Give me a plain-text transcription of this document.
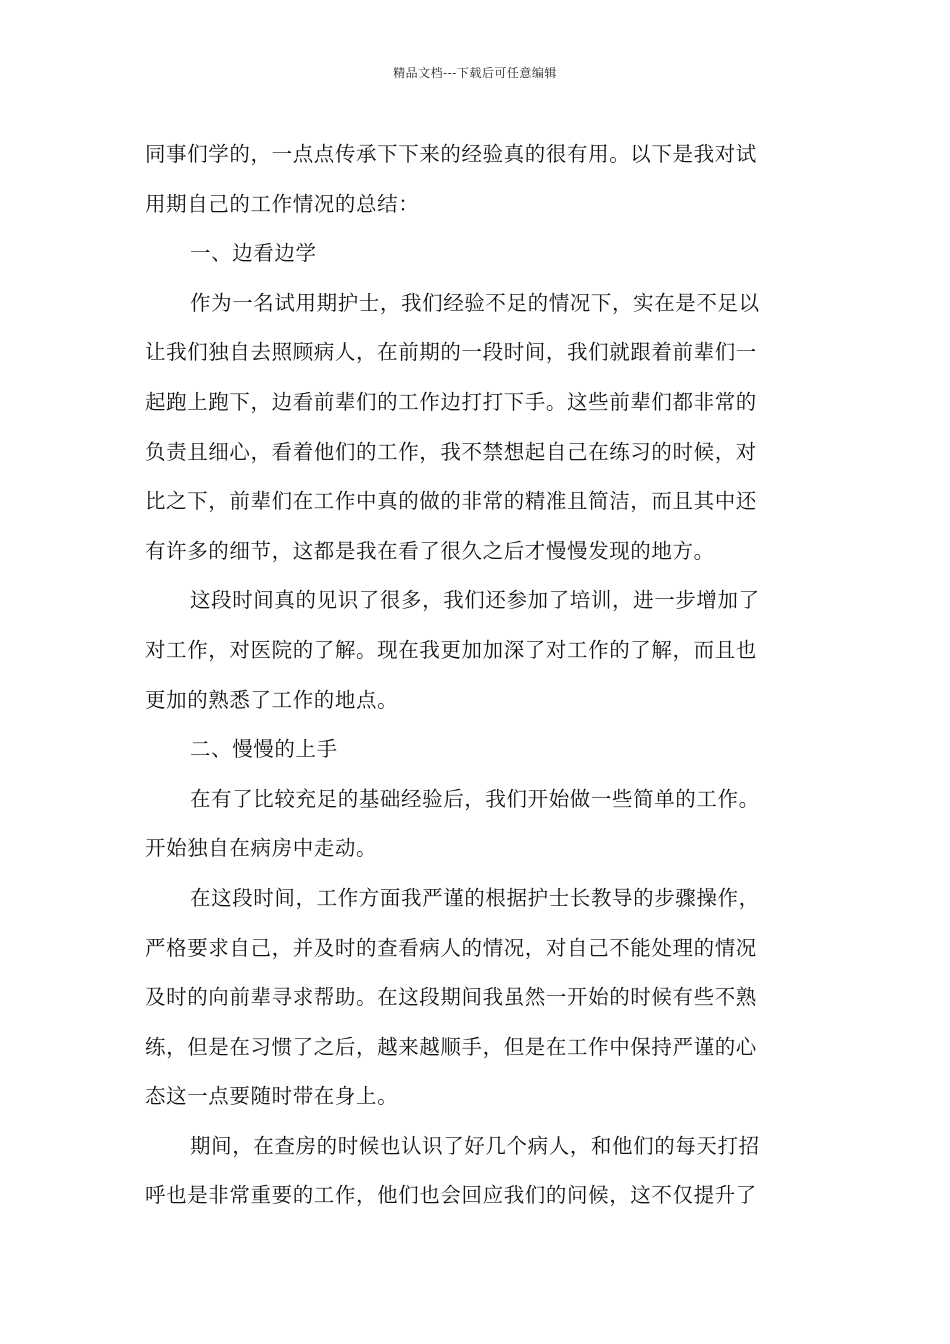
精品文档---下载后可任意编辑
同事们学的，一点点传承下下来的经验真的很有用。以下是我对试
用期自己的工作情况的总结：
一、边看边学
作为一名试用期护士，我们经验不足的情况下，实在是不足以
让我们独自去照顾病人，在前期的一段时间，我们就跟着前辈们一
起跑上跑下，边看前辈们的工作边打打下手。这些前辈们都非常的
负责且细心，看着他们的工作，我不禁想起自己在练习的时候，对
比之下，前辈们在工作中真的做的非常的精准且简洁，而且其中还
有许多的细节，这都是我在看了很久之后才慢慢发现的地方。
这段时间真的见识了很多，我们还参加了培训，进一步增加了
对工作，对医院的了解。现在我更加加深了对工作的了解，而且也
更加的熟悉了工作的地点。
二、慢慢的上手
在有了比较充足的基础经验后，我们开始做一些简单的工作。
开始独自在病房中走动。
在这段时间，工作方面我严谨的根据护士长教导的步骤操作，
严格要求自己，并及时的查看病人的情况，对自己不能处理的情况
及时的向前辈寻求帮助。在这段期间我虽然一开始的时候有些不熟
练，但是在习惯了之后，越来越顺手，但是在工作中保持严谨的心
态这一点要随时带在身上。
期间，在查房的时候也认识了好几个病人，和他们的每天打招
呼也是非常重要的工作，他们也会回应我们的问候，这不仅提升了
